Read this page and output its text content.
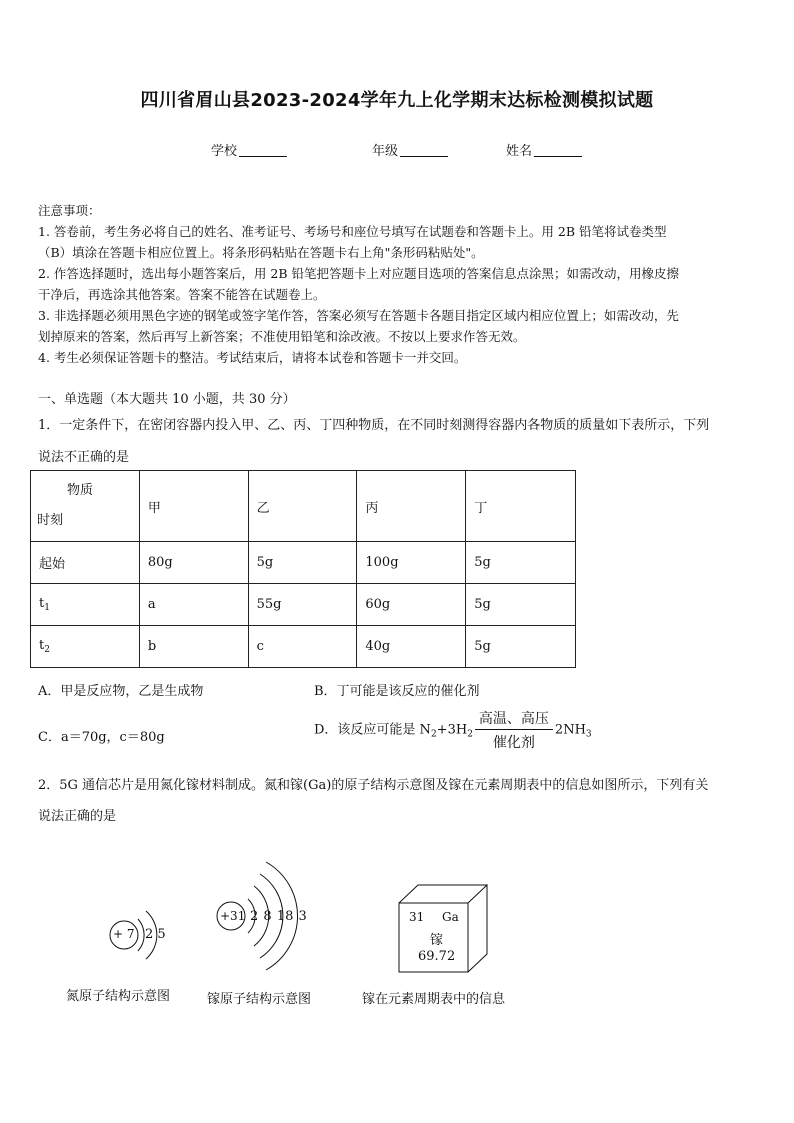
四川省眉山县2023-2024学年九上化学期末达标检测模拟试题
学校	年级	姓名
注意事项：
1. 答卷前，考生务必将自己的姓名、准考证号、考场号和座位号填写在试题卷和答题卡上。用 2B 铅笔将试卷类型
（B）填涂在答题卡相应位置上。将条形码粘贴在答题卡右上角"条形码粘贴处"。
2. 作答选择题时，选出每小题答案后，用 2B 铅笔把答题卡上对应题目选项的答案信息点涂黑；如需改动，用橡皮擦
干净后，再选涂其他答案。答案不能答在试题卷上。
3. 非选择题必须用黑色字迹的钢笔或签字笔作答，答案必须写在答题卡各题目指定区域内相应位置上；如需改动，先
划掉原来的答案，然后再写上新答案；不准使用铅笔和涂改液。不按以上要求作答无效。
4. 考生必须保证答题卡的整洁。考试结束后，请将本试卷和答题卡一并交回。
一、单选题（本大题共 10 小题，共 30 分）
1．一定条件下，在密闭容器内投入甲、乙、丙、丁四种物质，在不同时刻测得容器内各物质的质量如下表所示，下列
说法不正确的是
物质
时刻	甲	乙	丙	丁
起始	80g	5g	100g	5g
$t_1$	a	55g	60g	5g
$t_2$	b	c	40g	5g
A．甲是反应物，乙是生成物	B．丁可能是该反应的催化剂
C．a＝70g，c＝80g	D．该反应可能是 $N_2+3H_2 \frac{\text{高温、高压}}{\text{催化剂}} 2NH_3$
2．5G 通信芯片是用氮化镓材料制成。氮和镓(Ga)的原子结构示意图及镓在元素周期表中的信息如图所示，下列有关
说法正确的是
+ 7 2 5
氮原子结构示意图
+31 2 8 18 3
镓原子结构示意图
31 Ga
镓
69.72
镓在元素周期表中的信息
